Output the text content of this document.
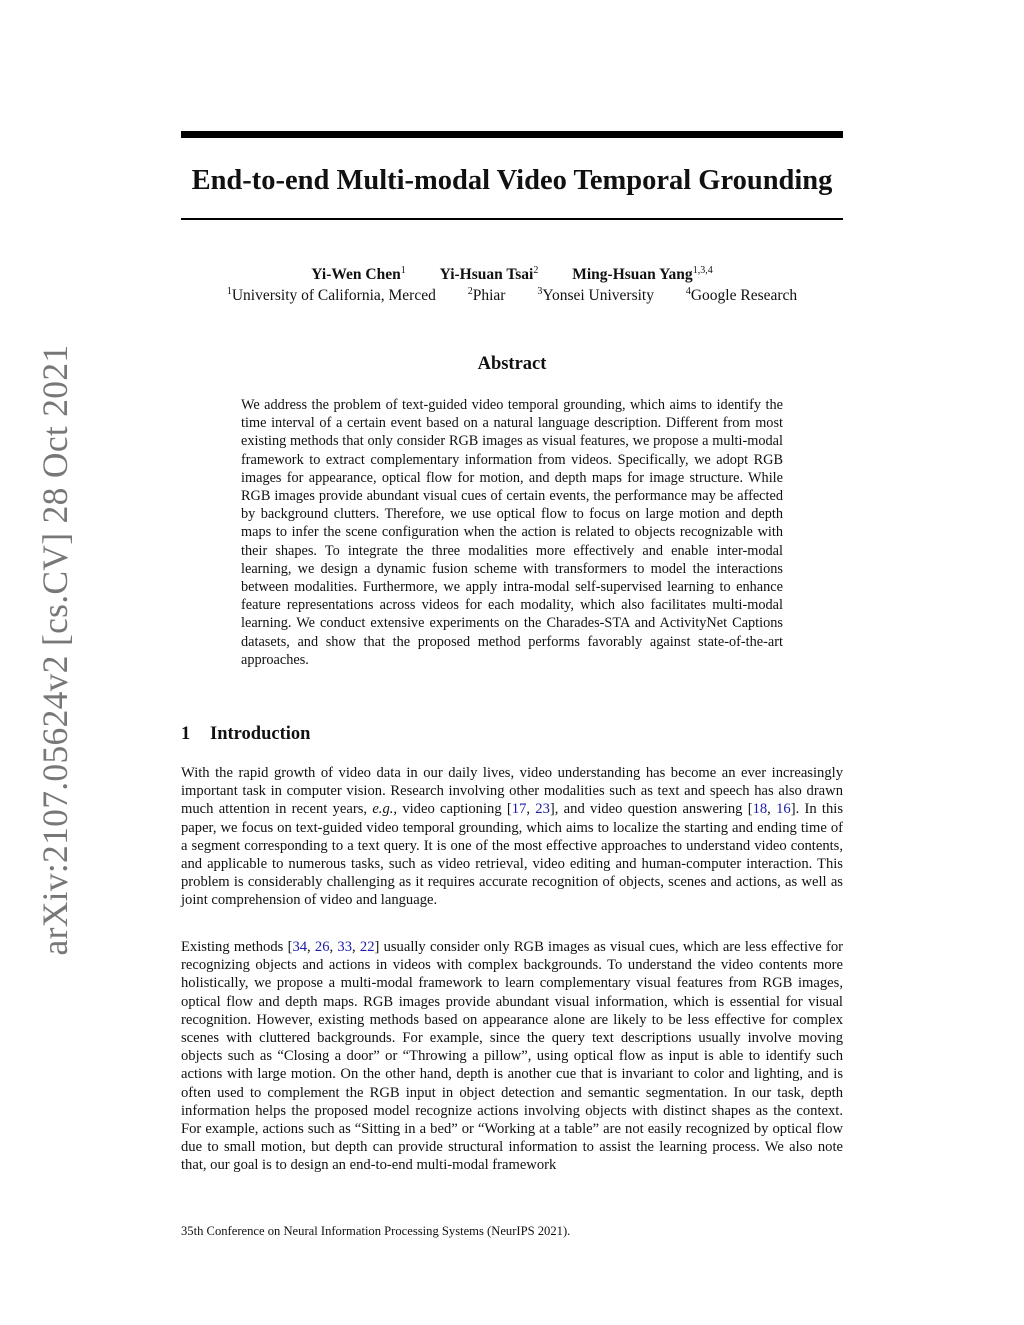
arXiv:2107.05624v2 [cs.CV] 28 Oct 2021
End-to-end Multi-modal Video Temporal Grounding
Yi-Wen Chen$^1$ Yi-Hsuan Tsai$^2$ Ming-Hsuan Yang$^{1,3,4}$
$^1$University of California, Merced	$^2$Phiar	$^3$Yonsei University	$^4$Google Research
Abstract
We address the problem of text-guided video temporal grounding, which aims to identify the time interval of a certain event based on a natural language description. Different from most existing methods that only consider RGB images as visual features, we propose a multi-modal framework to extract complementary information from videos. Specifically, we adopt RGB images for appearance, optical flow for motion, and depth maps for image structure. While RGB images provide abundant visual cues of certain events, the performance may be affected by background clutters. Therefore, we use optical flow to focus on large motion and depth maps to infer the scene configuration when the action is related to objects recognizable with their shapes. To integrate the three modalities more effectively and enable inter-modal learning, we design a dynamic fusion scheme with transformers to model the interactions between modalities. Furthermore, we apply intra-modal self-supervised learning to enhance feature representations across videos for each modality, which also facilitates multi-modal learning. We conduct extensive experiments on the Charades-STA and ActivityNet Captions datasets, and show that the proposed method performs favorably against state-of-the-art approaches.
1 Introduction

With the rapid growth of video data in our daily lives, video understanding has become an ever increasingly important task in computer vision. Research involving other modalities such as text and speech has also drawn much attention in recent years, e.g., video captioning [17, 23], and video question answering [18, 16]. In this paper, we focus on text-guided video temporal grounding, which aims to localize the starting and ending time of a segment corresponding to a text query. It is one of the most effective approaches to understand video contents, and applicable to numerous tasks, such as video retrieval, video editing and human-computer interaction. This problem is considerably challenging as it requires accurate recognition of objects, scenes and actions, as well as joint comprehension of video and language.

Existing methods [34, 26, 33, 22] usually consider only RGB images as visual cues, which are less effective for recognizing objects and actions in videos with complex backgrounds. To understand the video contents more holistically, we propose a multi-modal framework to learn complementary visual features from RGB images, optical flow and depth maps. RGB images provide abundant visual information, which is essential for visual recognition. However, existing methods based on appearance alone are likely to be less effective for complex scenes with cluttered backgrounds. For example, since the query text descriptions usually involve moving objects such as “Closing a door” or “Throwing a pillow”, using optical flow as input is able to identify such actions with large motion. On the other hand, depth is another cue that is invariant to color and lighting, and is often used to complement the RGB input in object detection and semantic segmentation. In our task, depth information helps the proposed model recognize actions involving objects with distinct shapes as the context. For example, actions such as “Sitting in a bed” or “Working at a table” are not easily recognized by optical flow due to small motion, but depth can provide structural information to assist the learning process. We also note that, our goal is to design an end-to-end multi-modal framework

35th Conference on Neural Information Processing Systems (NeurIPS 2021).
